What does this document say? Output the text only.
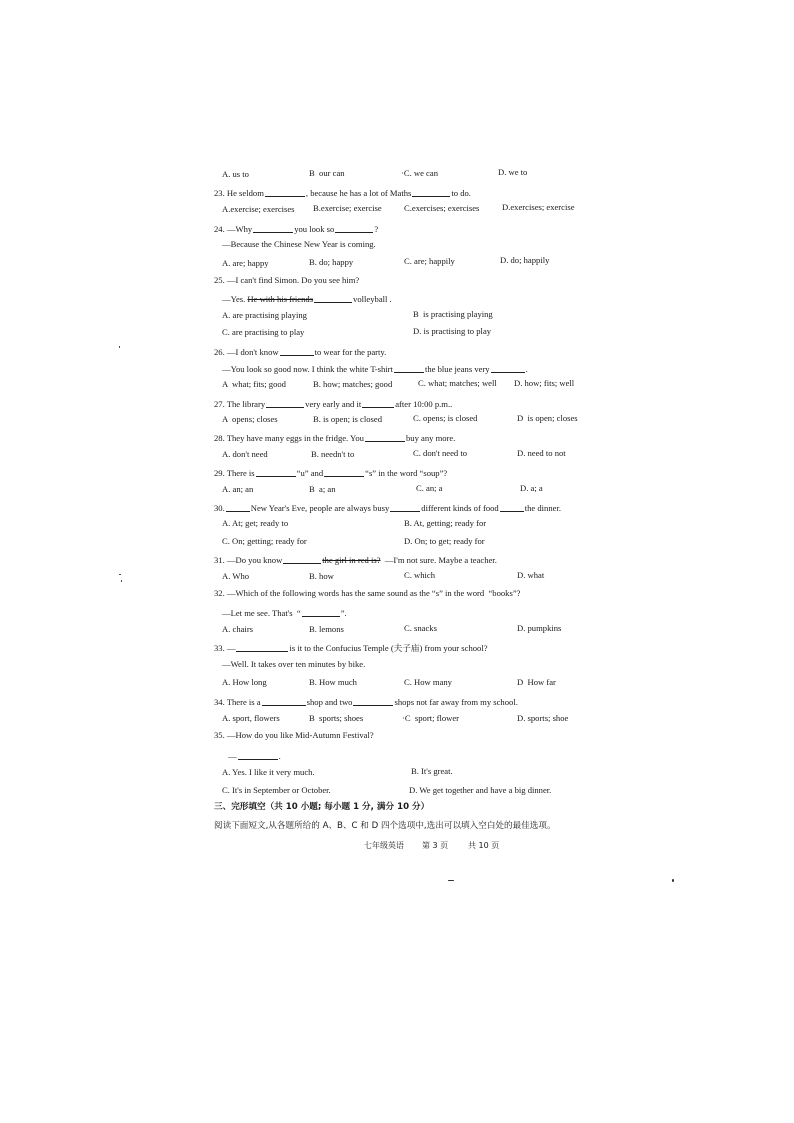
A. us to	B  our can	·C. we can	D. we to
23. He seldom	, because he has a lot of Maths	to do.
A.exercise; exercises B.exercise; exercise	C.exercises; exercises	D.exercises; exercise
24. —Why	you look so	?
—Because the Chinese New Year is coming.
A. are; happy	B. do; happy	C. are; happily	D. do; happily
25. —I can't find Simon. Do you see him?
—Yes. He with his friends	volleyball .
A. are practising playing	B  is practising playing
C. are practising to play	D. is practising to play
26. —I don't know	to wear for the party.
—You look so good now. I think the white T-shirt	the blue jeans very	.
A  what; fits; good	B. how; matches; good	C. what; matches; well D. how; fits; well
27. The library	very early and it	after 10:00 p.m..
A  opens; closes	B. is open; is closed	C. opens; is closed	D  is open; closes
28. They have many eggs in the fridge. You	buy any more.
A. don't need	B. needn't to	C. don't need to	D. need to not
29. There is	“u” and	“s” in the word “soup”?
A. an; an	B  a; an	C. an; a	D. a; a
30.	New Year's Eve, people are always busy	different kinds of food	the dinner.
A. At; get; ready to	B. At, getting; ready for
C. On; getting; ready for	D. On; to get; ready for
31. —Do you know	the girl in red is?  —I'm not sure. Maybe a teacher.
A. Who	B. how	C. which	D. what
32. —Which of the following words has the same sound as the “s” in the word  “books”?
—Let me see. That's  “	”.
A. chairs	B. lemons	C. snacks	D. pumpkins
33. —	is it to the Confucius Temple (夫子庙) from your school?
—Well. It takes over ten minutes by bike.
A. How long	B. How much	C. How many	D  How far
34. There is a	shop and two	shops not far away from my school.
A. sport, flowers	B  sports; shoes	·C  sport; flower	D. sports; shoe
35. —How do you like Mid-Autumn Festival?
—	.
A. Yes. I like it very much.	B. It's great.
C. It's in September or October.	D. We get together and have a big dinner.
三、完形填空（共 10 小题; 每小题 1 分, 满分 10 分）
阅读下面短文,从各题所给的 A、B、C 和 D 四个选项中,选出可以填入空白处的最佳选项。
七年级英语 第 3 页 共 10 页
